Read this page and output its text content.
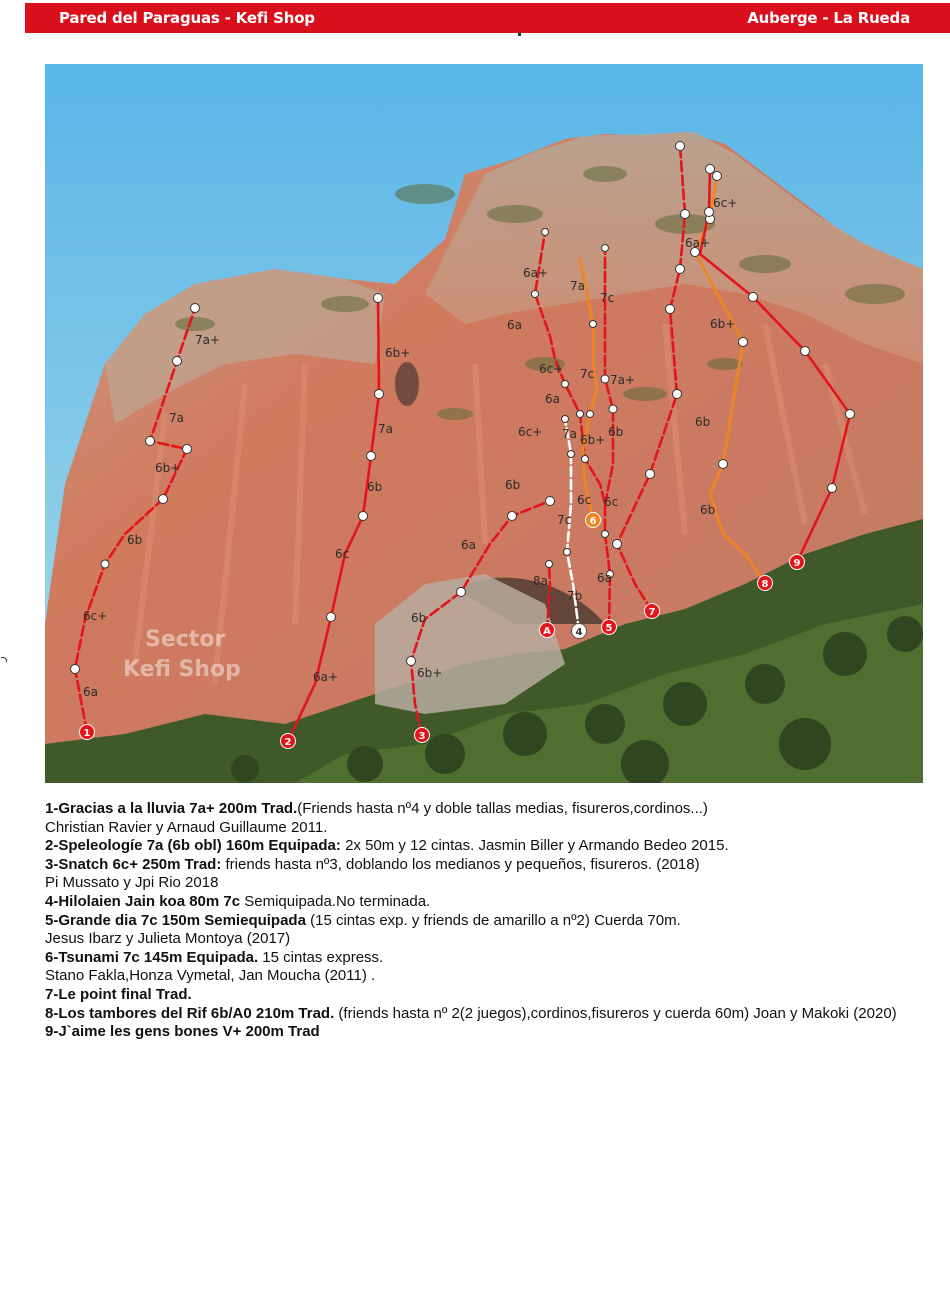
Pared del Paraguas - Kefi Shop	Auberge - La Rueda
Sector
Kefi Shop
7a+
7a
6b+
6b
6c+
6a
6b+
7a
6b
6c
6a+
6a
6b
6b+
8a
7a
7c
7b
6a+
6a
6c+
6a
6b
6c+
7c
6b+
6c
6a
7a
7c
7a+
6b
6c
6c+
6a+
6b+
6b
6b
1
2
3
A 4 5
6
7
8
9
1-Gracias a la lluvia 7a+ 200m Trad.(Friends hasta nº4 y doble tallas medias, fisureros,cordinos...)
Christian Ravier y Arnaud Guillaume 2011.
2-Speleologíe 7a (6b obl) 160m Equipada: 2x 50m y 12 cintas. Jasmin Biller y Armando Bedeo 2015.
3-Snatch 6c+ 250m Trad: friends hasta nº3, doblando los medianos y pequeños, fisureros. (2018)
Pi Mussato y Jpi Rio 2018
4-Hilolaien Jain koa 80m 7c Semiquipada.No terminada.
5-Grande dia 7c 150m Semiequipada (15 cintas exp. y friends de amarillo a nº2) Cuerda 70m.
Jesus Ibarz y Julieta Montoya (2017)
6-Tsunami 7c 145m Equipada. 15 cintas express.
Stano Fakla,Honza Vymetal, Jan Moucha (2011) .
7-Le point final Trad.
8-Los tambores del Rif 6b/A0 210m Trad. (friends hasta nº 2(2 juegos),cordinos,fisureros y cuerda 60m) Joan y Makoki (2020)
9-J`aime les gens bones V+ 200m Trad
